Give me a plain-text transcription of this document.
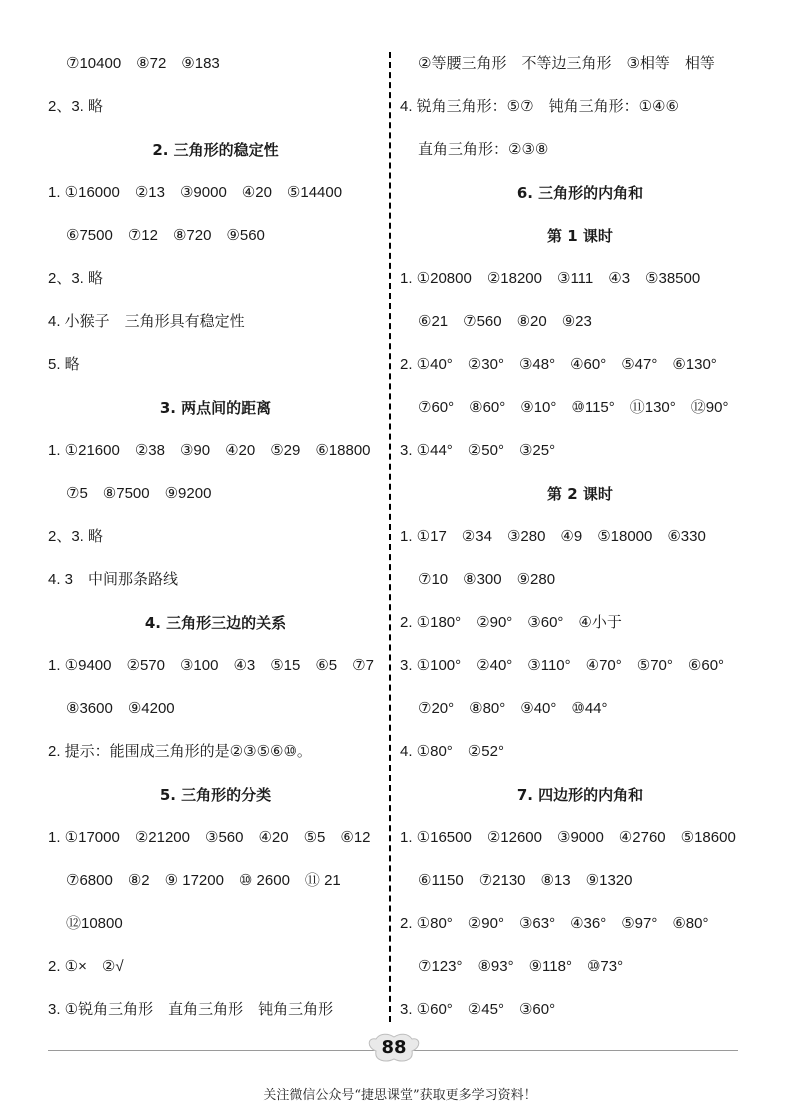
⑦10400　⑧72　⑨183
2、3. 略
2. 三角形的稳定性
1. ①16000　②13　③9000　④20　⑤14400
⑥7500　⑦12　⑧720　⑨560
2、3. 略
4. 小猴子　三角形具有稳定性
5. 略
3. 两点间的距离
1. ①21600　②38　③90　④20　⑤29　⑥18800
⑦5　⑧7500　⑨9200
2、3. 略
4. 3　中间那条路线
4. 三角形三边的关系
1. ①9400　②570　③100　④3　⑤15　⑥5　⑦7
⑧3600　⑨4200
2. 提示：能围成三角形的是②③⑤⑥⑩。
5. 三角形的分类
1. ①17000　②21200　③560　④20　⑤5　⑥12
⑦6800　⑧2　⑨ 17200　⑩ 2600　⑪ 21
⑫10800
2. ①×　②√
3. ①锐角三角形　直角三角形　钝角三角形
②等腰三角形　不等边三角形　③相等　相等
4. 锐角三角形：⑤⑦　钝角三角形：①④⑥
直角三角形：②③⑧
6. 三角形的内角和
第 1 课时
1. ①20800　②18200　③111　④3　⑤38500
⑥21　⑦560　⑧20　⑨23
2. ①40°　②30°　③48°　④60°　⑤47°　⑥130°
⑦60°　⑧60°　⑨10°　⑩115°　⑪130°　⑫90°
3. ①44°　②50°　③25°
第 2 课时
1. ①17　②34　③280　④9　⑤18000　⑥330
⑦10　⑧300　⑨280
2. ①180°　②90°　③60°　④小于
3. ①100°　②40°　③110°　④70°　⑤70°　⑥60°
⑦20°　⑧80°　⑨40°　⑩44°
4. ①80°　②52°
7. 四边形的内角和
1. ①16500　②12600　③9000　④2760　⑤18600
⑥1150　⑦2130　⑧13　⑨1320
2. ①80°　②90°　③63°　④36°　⑤97°　⑥80°
⑦123°　⑧93°　⑨118°　⑩73°
3. ①60°　②45°　③60°
88
关注微信公众号“捷思课堂”获取更多学习资料！
